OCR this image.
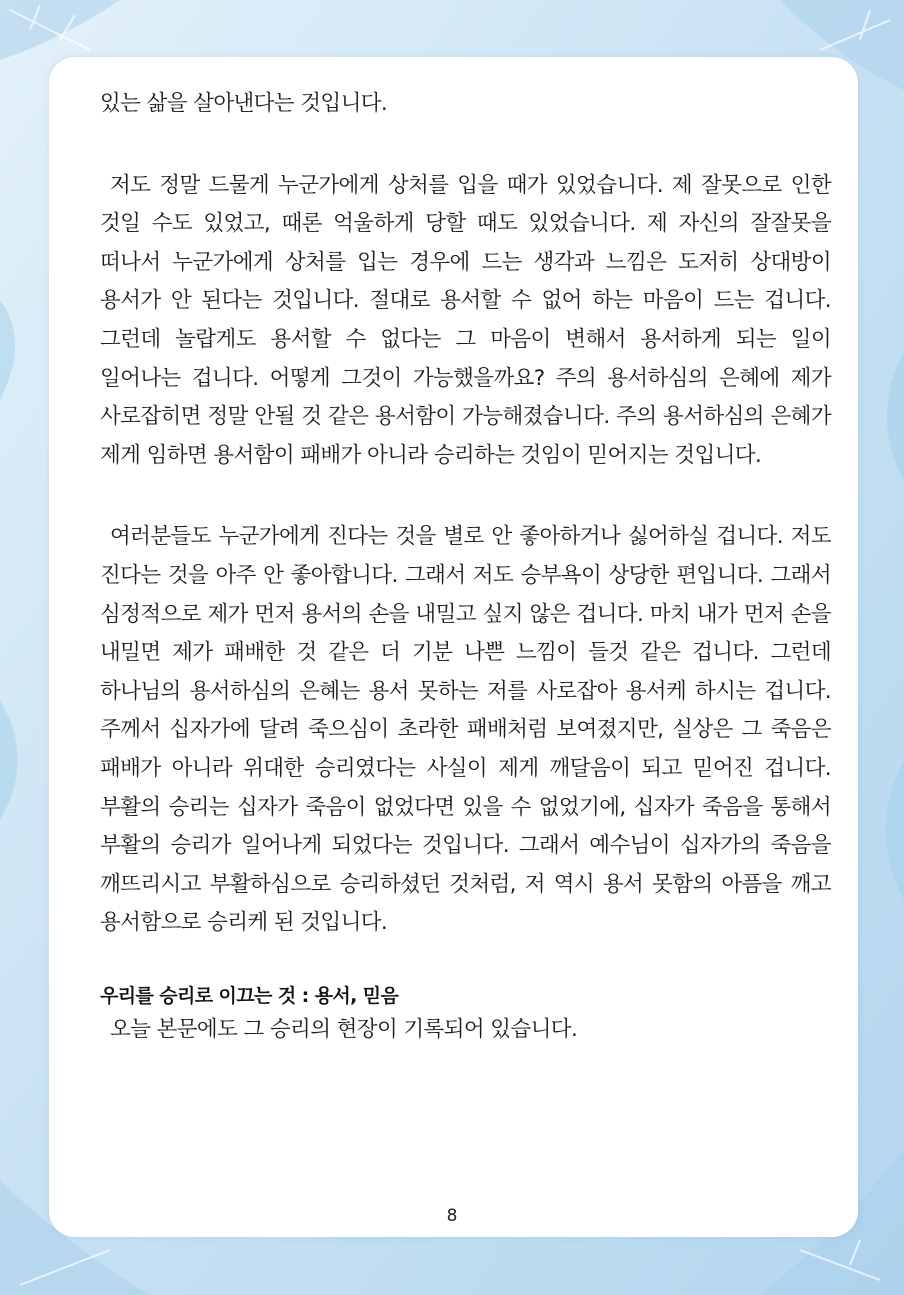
있는 삶을 살아낸다는 것입니다.

저도 정말 드물게 누군가에게 상처를 입을 때가 있었습니다. 제 잘못으로 인한 것일 수도 있었고, 때론 억울하게 당할 때도 있었습니다. 제 자신의 잘잘못을 떠나서 누군가에게 상처를 입는 경우에 드는 생각과 느낌은 도저히 상대방이 용서가 안 된다는 것입니다. 절대로 용서할 수 없어 하는 마음이 드는 겁니다. 그런데 놀랍게도 용서할 수 없다는 그 마음이 변해서 용서하게 되는 일이 일어나는 겁니다. 어떻게 그것이 가능했을까요? 주의 용서하심의 은혜에 제가 사로잡히면 정말 안될 것 같은 용서함이 가능해졌습니다. 주의 용서하심의 은혜가 제게 임하면 용서함이 패배가 아니라 승리하는 것임이 믿어지는 것입니다.

여러분들도 누군가에게 진다는 것을 별로 안 좋아하거나 싫어하실 겁니다. 저도 진다는 것을 아주 안 좋아합니다. 그래서 저도 승부욕이 상당한 편입니다. 그래서 심정적으로 제가 먼저 용서의 손을 내밀고 싶지 않은 겁니다. 마치 내가 먼저 손을 내밀면 제가 패배한 것 같은 더 기분 나쁜 느낌이 들것 같은 겁니다. 그런데 하나님의 용서하심의 은혜는 용서 못하는 저를 사로잡아 용서케 하시는 겁니다. 주께서 십자가에 달려 죽으심이 초라한 패배처럼 보여졌지만, 실상은 그 죽음은 패배가 아니라 위대한 승리였다는 사실이 제게 깨달음이 되고 믿어진 겁니다. 부활의 승리는 십자가 죽음이 없었다면 있을 수 없었기에, 십자가 죽음을 통해서 부활의 승리가 일어나게 되었다는 것입니다. 그래서 예수님이 십자가의 죽음을 깨뜨리시고 부활하심으로 승리하셨던 것처럼, 저 역시 용서 못함의 아픔을 깨고 용서함으로 승리케 된 것입니다.

우리를 승리로 이끄는 것 : 용서, 믿음

오늘 본문에도 그 승리의 현장이 기록되어 있습니다.

8
